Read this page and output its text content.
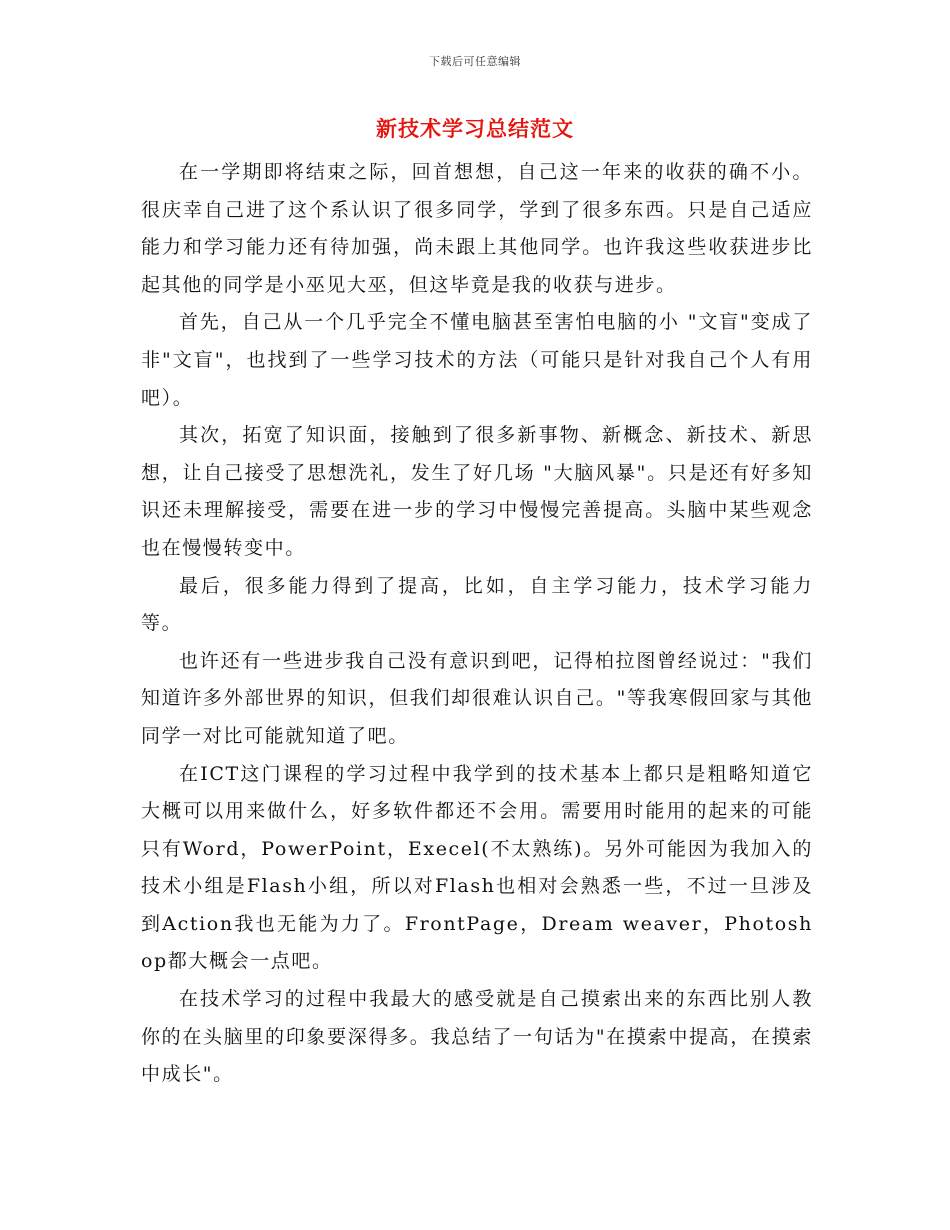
下载后可任意编辑
新技术学习总结范文

在一学期即将结束之际，回首想想，自己这一年来的收获的确不小。很庆幸自己进了这个系认识了很多同学，学到了很多东西。只是自己适应能力和学习能力还有待加强，尚未跟上其他同学。也许我这些收获进步比起其他的同学是小巫见大巫，但这毕竟是我的收获与进步。

首先，自己从一个几乎完全不懂电脑甚至害怕电脑的小 "文盲"变成了非"文盲"，也找到了一些学习技术的方法（可能只是针对我自己个人有用吧）。

其次，拓宽了知识面，接触到了很多新事物、新概念、新技术、新思想，让自己接受了思想洗礼，发生了好几场 "大脑风暴"。只是还有好多知识还未理解接受，需要在进一步的学习中慢慢完善提高。头脑中某些观念也在慢慢转变中。

最后，很多能力得到了提高，比如，自主学习能力，技术学习能力等。

也许还有一些进步我自己没有意识到吧，记得柏拉图曾经说过："我们知道许多外部世界的知识，但我们却很难认识自己。"等我寒假回家与其他同学一对比可能就知道了吧。

在ICT这门课程的学习过程中我学到的技术基本上都只是粗略知道它大概可以用来做什么，好多软件都还不会用。需要用时能用的起来的可能只有Word，PowerPoint，Execel(不太熟练)。另外可能因为我加入的技术小组是Flash小组，所以对Flash也相对会熟悉一些，不过一旦涉及到Action我也无能为力了。FrontPage，Dream weaver，Photoshop都大概会一点吧。

在技术学习的过程中我最大的感受就是自己摸索出来的东西比别人教你的在头脑里的印象要深得多。我总结了一句话为"在摸索中提高，在摸索中成长"。
